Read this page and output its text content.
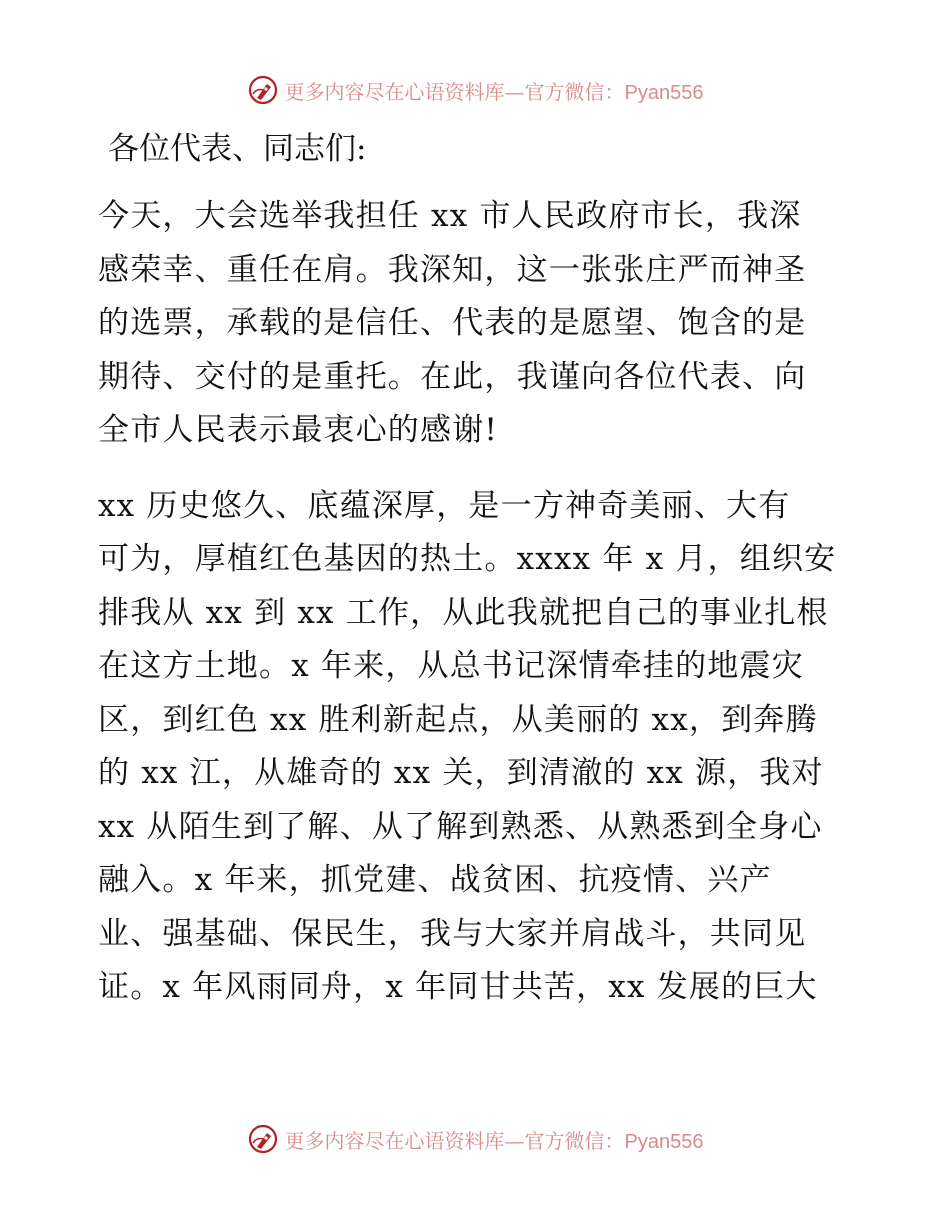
更多内容尽在心语资料库—官方微信：Pyan556

各位代表、同志们:

今天，大会选举我担任 xx 市人民政府市长，我深
感荣幸、重任在肩。我深知，这一张张庄严而神圣
的选票，承载的是信任、代表的是愿望、饱含的是
期待、交付的是重托。在此，我谨向各位代表、向
全市人民表示最衷心的感谢!
xx 历史悠久、底蕴深厚，是一方神奇美丽、大有
可为，厚植红色基因的热土。xxxx 年 x 月，组织安
排我从 xx 到 xx 工作，从此我就把自己的事业扎根
在这方土地。x 年来，从总书记深情牵挂的地震灾
区，到红色 xx 胜利新起点，从美丽的 xx，到奔腾
的 xx 江，从雄奇的 xx 关，到清澈的 xx 源，我对
xx 从陌生到了解、从了解到熟悉、从熟悉到全身心
融入。x 年来，抓党建、战贫困、抗疫情、兴产
业、强基础、保民生，我与大家并肩战斗，共同见
证。x 年风雨同舟，x 年同甘共苦，xx 发展的巨大
更多内容尽在心语资料库—官方微信：Pyan556
